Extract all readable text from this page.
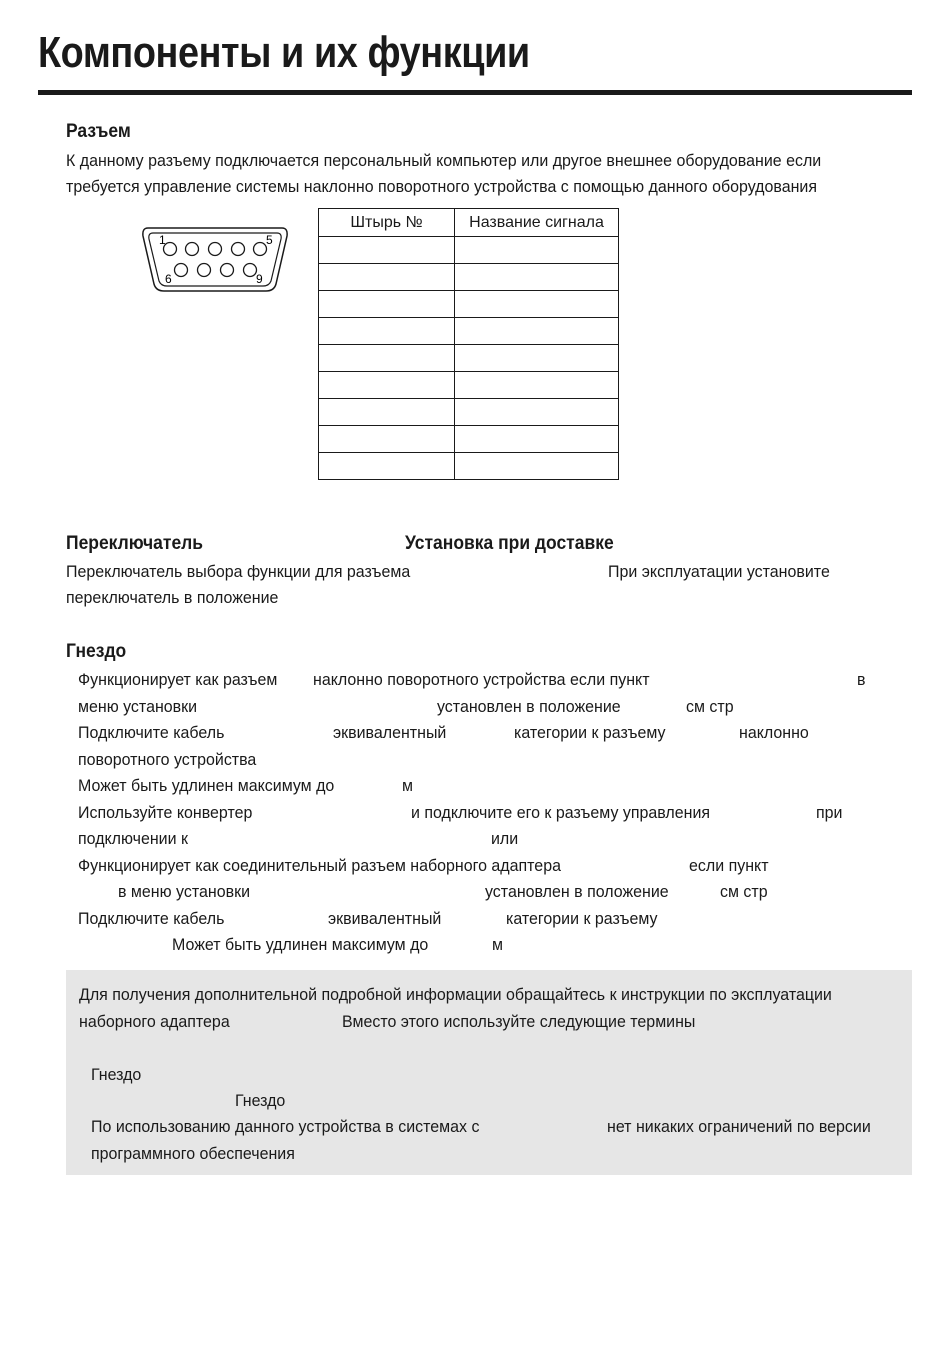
Компоненты и их функции
Разъем
К данному разъему подключается персональный компьютер или другое внешнее оборудование если
требуется управление системы наклонно поворотного устройства с помощью данного оборудования
1	5
6	9
Штырь №	Название сигнала

Переключатель	Установка при доставке
Переключатель выбора функции для разъема	При эксплуатации установите
переключатель в положение
Гнездо
Функционирует как разъем наклонно поворотного устройства если пункт	в
меню установки	установлен в положение	см стр
Подключите кабель	эквивалентный	категории к разъему	наклонно
поворотного устройства
Может быть удлинен максимум до	м
Используйте конвертер	и подключите его к разъему управления	при
подключении к	или
Функционирует как соединительный разъем наборного адаптера	если пункт
в меню установки	установлен в положение	см стр
Подключите кабель	эквивалентный	категории к разъему
Может быть удлинен максимум до	м
Для получения дополнительной подробной информации обращайтесь к инструкции по эксплуатации
наборного адаптера	Вместо этого используйте следующие термины
Гнездо
Гнездо
По использованию данного устройства в системах с	нет никаких ограничений по версии
программного обеспечения
